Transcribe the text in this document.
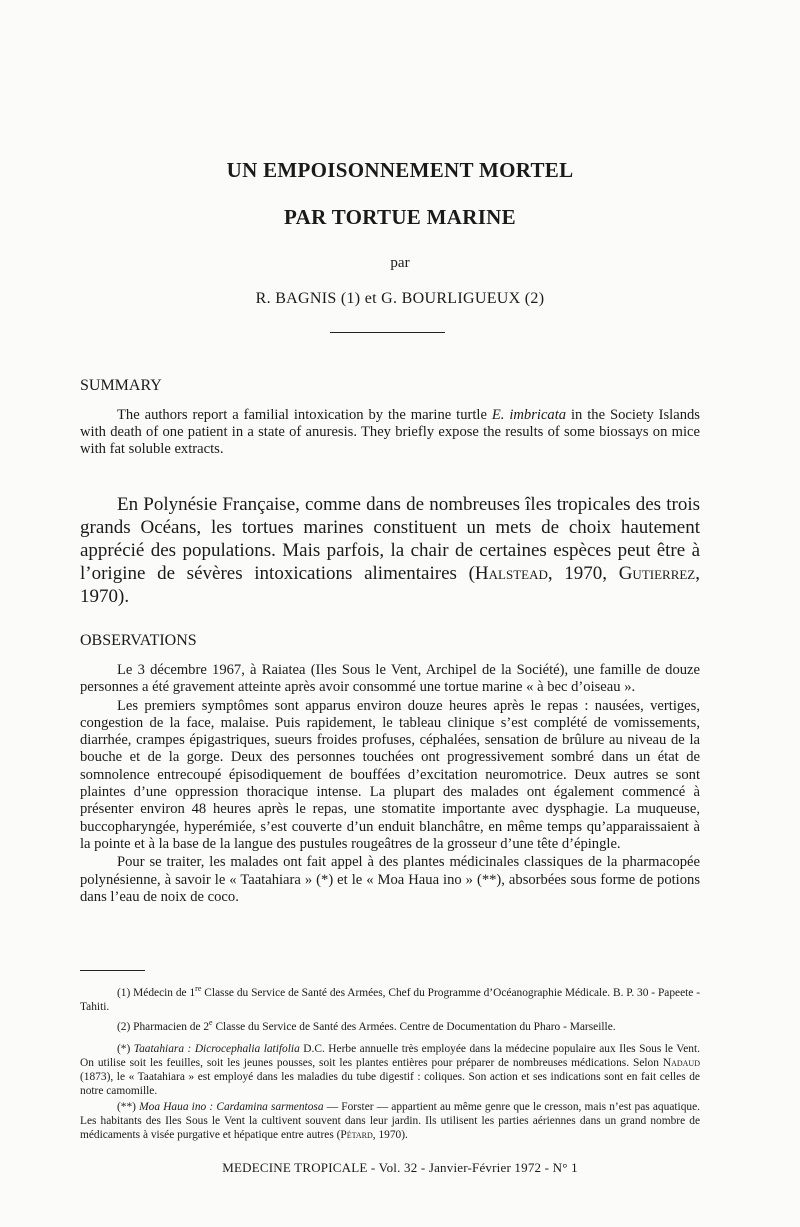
UN EMPOISONNEMENT MORTEL
PAR TORTUE MARINE
par
R. BAGNIS (1) et G. BOURLIGUEUX (2)
SUMMARY

The authors report a familial intoxication by the marine turtle E. imbricata in the Society Islands with death of one patient in a state of anuresis. They briefly expose the results of some biossays on mice with fat soluble extracts.

En Polynésie Française, comme dans de nombreuses îles tropicales des trois grands Océans, les tortues marines constituent un mets de choix hautement apprécié des populations. Mais parfois, la chair de certaines espèces peut être à l’origine de sévères intoxications alimentaires (Halstead, 1970, Gutierrez, 1970).

OBSERVATIONS

Le 3 décembre 1967, à Raiatea (Iles Sous le Vent, Archipel de la Société), une famille de douze personnes a été gravement atteinte après avoir consommé une tortue marine « à bec d’oiseau ».

Les premiers symptômes sont apparus environ douze heures après le repas : nausées, vertiges, congestion de la face, malaise. Puis rapidement, le tableau clinique s’est complété de vomissements, diarrhée, crampes épigastriques, sueurs froides profuses, céphalées, sensation de brûlure au niveau de la bouche et de la gorge. Deux des personnes touchées ont progressivement sombré dans un état de somnolence entrecoupé épisodiquement de bouffées d’excitation neuromotrice. Deux autres se sont plaintes d’une oppression thoracique intense. La plupart des malades ont également commencé à présenter environ 48 heures après le repas, une stomatite importante avec dysphagie. La muqueuse, buccopharyngée, hyperémiée, s’est couverte d’un enduit blanchâtre, en même temps qu’apparaissaient à la pointe et à la base de la langue des pustules rougeâtres de la grosseur d’une tête d’épingle.

Pour se traiter, les malades ont fait appel à des plantes médicinales classiques de la pharmacopée polynésienne, à savoir le « Taatahiara » (*) et le « Moa Haua ino » (**), absorbées sous forme de potions dans l’eau de noix de coco.

(1) Médecin de 1re Classe du Service de Santé des Armées, Chef du Programme d’Océanographie Médicale. B. P. 30 - Papeete - Tahiti.

(2) Pharmacien de 2e Classe du Service de Santé des Armées. Centre de Documentation du Pharo - Marseille.

(*) Taatahiara : Dicrocephalia latifolia D.C. Herbe annuelle très employée dans la médecine populaire aux Iles Sous le Vent. On utilise soit les feuilles, soit les jeunes pousses, soit les plantes entières pour préparer de nombreuses médications. Selon Nadaud (1873), le « Taatahiara » est employé dans les maladies du tube digestif : coliques. Son action et ses indications sont en fait celles de notre camomille.

(**) Moa Haua ino : Cardamina sarmentosa — Forster — appartient au même genre que le cresson, mais n’est pas aquatique. Les habitants des Iles Sous le Vent la cultivent souvent dans leur jardin. Ils utilisent les parties aériennes dans un grand nombre de médicaments à visée purgative et hépatique entre autres (Pétard, 1970).

MEDECINE TROPICALE - Vol. 32 - Janvier-Février 1972 - N° 1
